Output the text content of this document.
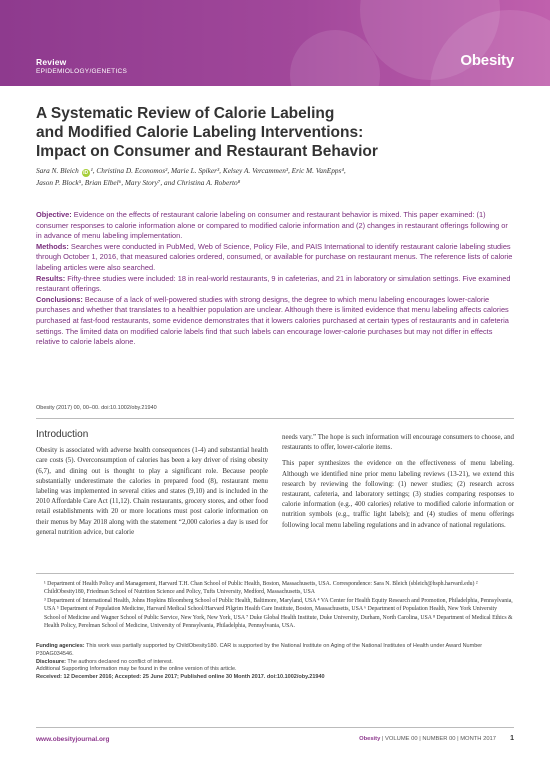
Review
EPIDEMIOLOGY/GENETICS
Obesity
A Systematic Review of Calorie Labeling
and Modified Calorie Labeling Interventions:
Impact on Consumer and Restaurant Behavior
Sara N. Bleich iD ¹, Christina D. Economos², Marie L. Spiker³, Kelsey A. Vercammen³, Eric M. VanEpps⁴,
Jason P. Block⁵, Brian Elbel⁶, Mary Story⁷, and Christina A. Roberto⁸

Objective: Evidence on the effects of restaurant calorie labeling on consumer and restaurant behavior is mixed. This paper examined: (1) consumer responses to calorie information alone or compared to modified calorie information and (2) changes in restaurant offerings following or in advance of menu labeling implementation.

Methods: Searches were conducted in PubMed, Web of Science, Policy File, and PAIS International to identify restaurant calorie labeling studies through October 1, 2016, that measured calories ordered, consumed, or available for purchase on restaurant menus. The reference lists of calorie labeling articles were also searched.

Results: Fifty-three studies were included: 18 in real-world restaurants, 9 in cafeterias, and 21 in laboratory or simulation settings. Five examined restaurant offerings.

Conclusions: Because of a lack of well-powered studies with strong designs, the degree to which menu labeling encourages lower-calorie purchases and whether that translates to a healthier population are unclear. Although there is limited evidence that menu labeling affects calories purchased at fast-food restaurants, some evidence demonstrates that it lowers calories purchased at certain types of restaurants and in cafeteria settings. The limited data on modified calorie labels find that such labels can encourage lower-calorie purchases but may not differ in effects relative to calorie labels alone.

Obesity (2017) 00, 00–00. doi:10.1002/oby.21940
Introduction

Obesity is associated with adverse health consequences (1-4) and substantial health care costs (5). Overconsumption of calories has been a key driver of rising obesity (6,7), and dining out is thought to play a significant role. Because people substantially underestimate the calories in prepared food (8), restaurant menu labeling was implemented in several cities and states (9,10) and is included in the 2010 Affordable Care Act (11,12). Chain restaurants, grocery stores, and other food retail establishments with 20 or more locations must post calorie information on their menus by May 2018 along with the statement “2,000 calories a day is used for general nutrition advice, but calorie

needs vary.” The hope is such information will encourage consumers to choose, and restaurants to offer, lower-calorie items.

This paper synthesizes the evidence on the effectiveness of menu labeling. Although we identified nine prior menu labeling reviews (13-21), we extend this research by reviewing the following: (1) newer studies; (2) research across restaurant, cafeteria, and laboratory settings; (3) studies comparing responses to calorie information (e.g., 400 calories) relative to modified calorie information or nutrition symbols (e.g., traffic light labels); and (4) studies of menu offerings following local menu labeling regulations and in advance of national regulations.

¹ Department of Health Policy and Management, Harvard T.H. Chan School of Public Health, Boston, Massachusetts, USA. Correspondence: Sara N. Bleich (sbleich@hsph.harvard.edu) ² ChildObesity180, Friedman School of Nutrition Science and Policy, Tufts University, Medford, Massachusetts, USA
³ Department of International Health, Johns Hopkins Bloomberg School of Public Health, Baltimore, Maryland, USA ⁴ VA Center for Health Equity Research and Promotion, Philadelphia, Pennsylvania, USA ⁵ Department of Population Medicine, Harvard Medical School/Harvard Pilgrim Health Care Institute, Boston, Massachusetts, USA ⁶ Department of Population Health, New York University School of Medicine and Wagner School of Public Service, New York, New York, USA ⁷ Duke Global Health Institute, Duke University, Durham, North Carolina, USA ⁸ Department of Medical Ethics & Health Policy, Perelman School of Medicine, University of Pennsylvania, Philadelphia, Pennsylvania, USA.
Funding agencies: This work was partially supported by ChildObesity180. CAR is supported by the National Institute on Aging of the National Institutes of Health under Award Number P30AG034546.
Disclosure: The authors declared no conflict of interest.
Additional Supporting Information may be found in the online version of this article.
Received: 12 December 2016; Accepted: 25 June 2017; Published online 30 Month 2017. doi:10.1002/oby.21940
www.obesityjournal.org	Obesity | VOLUME 00 | NUMBER 00 | MONTH 2017 1
